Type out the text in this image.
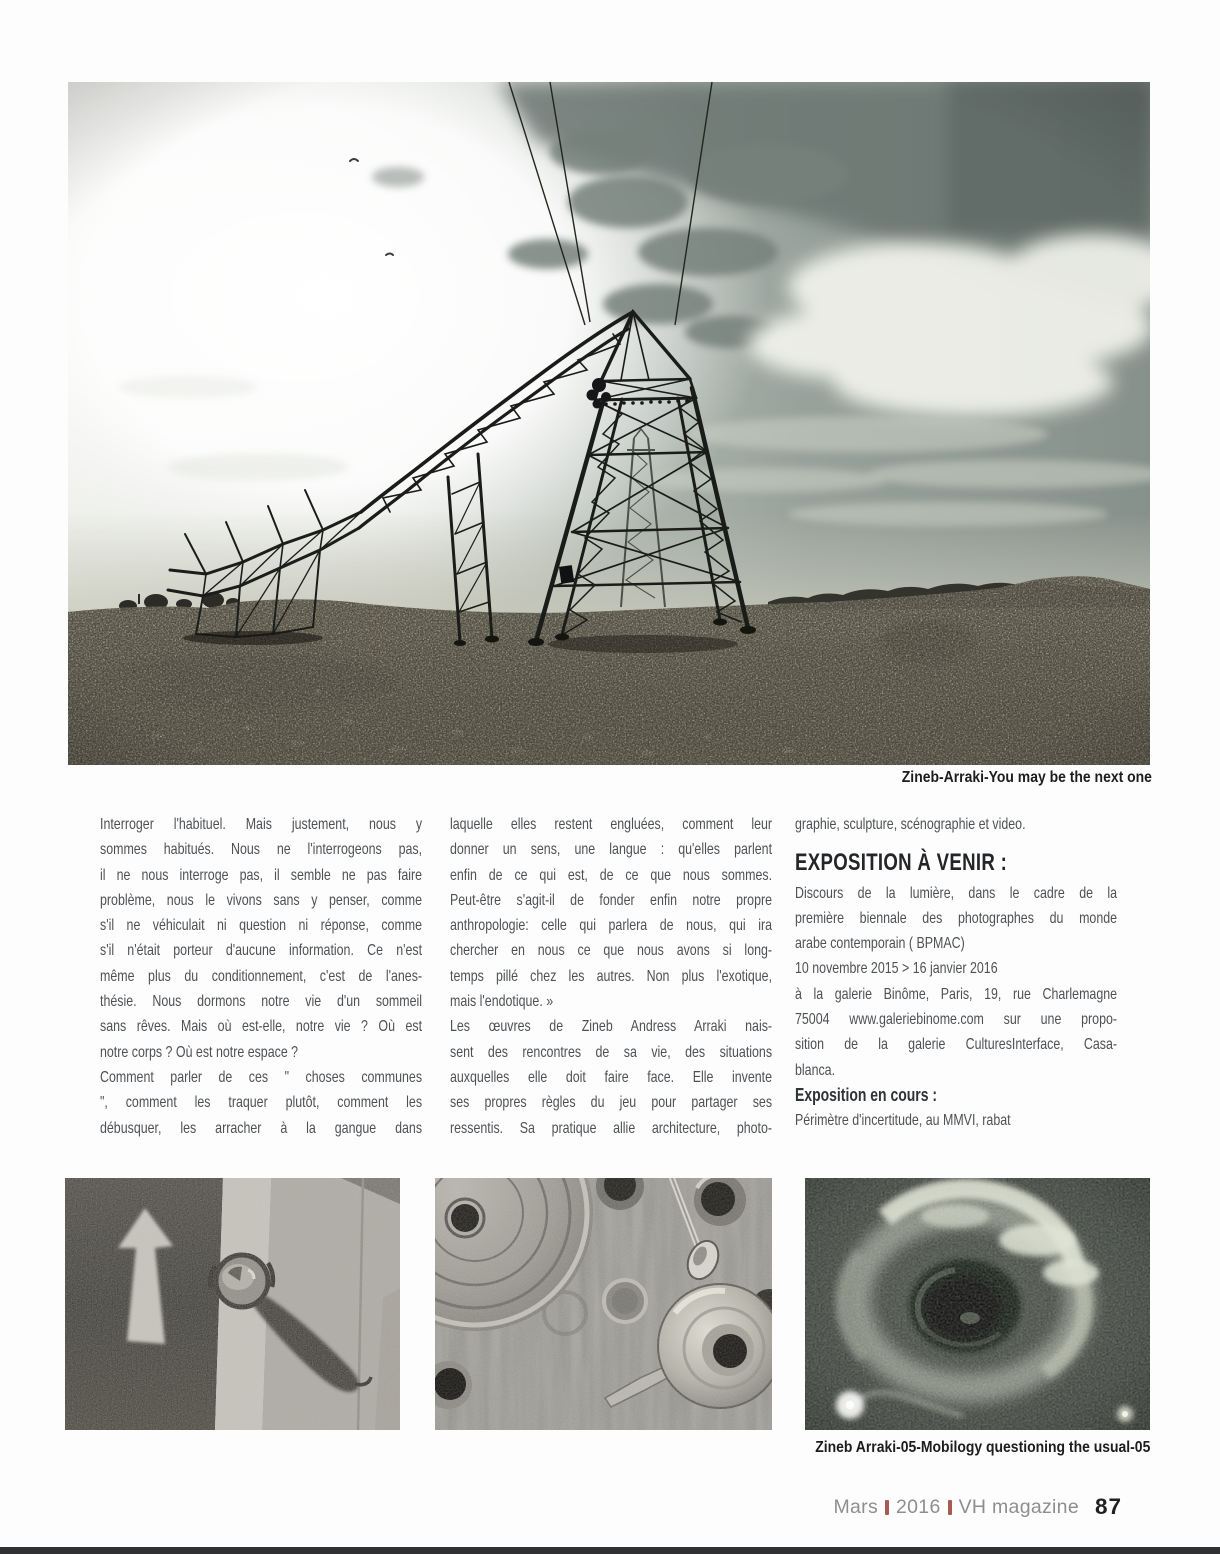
Zineb-Arraki-You may be the next one
Interroger l'habituel. Mais justement, nous y
sommes habitués. Nous ne l'interrogeons pas,
il ne nous interroge pas, il semble ne pas faire
problème, nous le vivons sans y penser, comme
s'il ne véhiculait ni question ni réponse, comme
s'il n'était porteur d'aucune information. Ce n'est
même plus du conditionnement, c'est de l'anes-
thésie. Nous dormons notre vie d'un sommeil
sans rêves. Mais où est-elle, notre vie ? Où est
notre corps ? Où est notre espace ?
Comment parler de ces " choses communes
", comment les traquer plutôt, comment les
débusquer, les arracher à la gangue dans
laquelle elles restent engluées, comment leur
donner un sens, une langue : qu'elles parlent
enfin de ce qui est, de ce que nous sommes.
Peut-être s'agit-il de fonder enfin notre propre
anthropologie: celle qui parlera de nous, qui ira
chercher en nous ce que nous avons si long-
temps pillé chez les autres. Non plus l'exotique,
mais l'endotique. »
Les œuvres de Zineb Andress Arraki nais-
sent des rencontres de sa vie, des situations
auxquelles elle doit faire face. Elle invente
ses propres règles du jeu pour partager ses
ressentis. Sa pratique allie architecture, photo-
graphie, sculpture, scénographie et video.
EXPOSITION À VENIR :
Discours de la lumière, dans le cadre de la
première biennale des photographes du monde
arabe contemporain ( BPMAC)
10 novembre 2015 > 16 janvier 2016
à la galerie Binôme, Paris, 19, rue Charlemagne
75004 www.galeriebinome.com sur une propo-
sition de la galerie CulturesInterface, Casa-
blanca.
Exposition en cours :
Périmètre d'incertitude, au MMVI, rabat
Zineb Arraki-05-Mobilogy questioning the usual-05
Mars 2016 VH magazine 87
